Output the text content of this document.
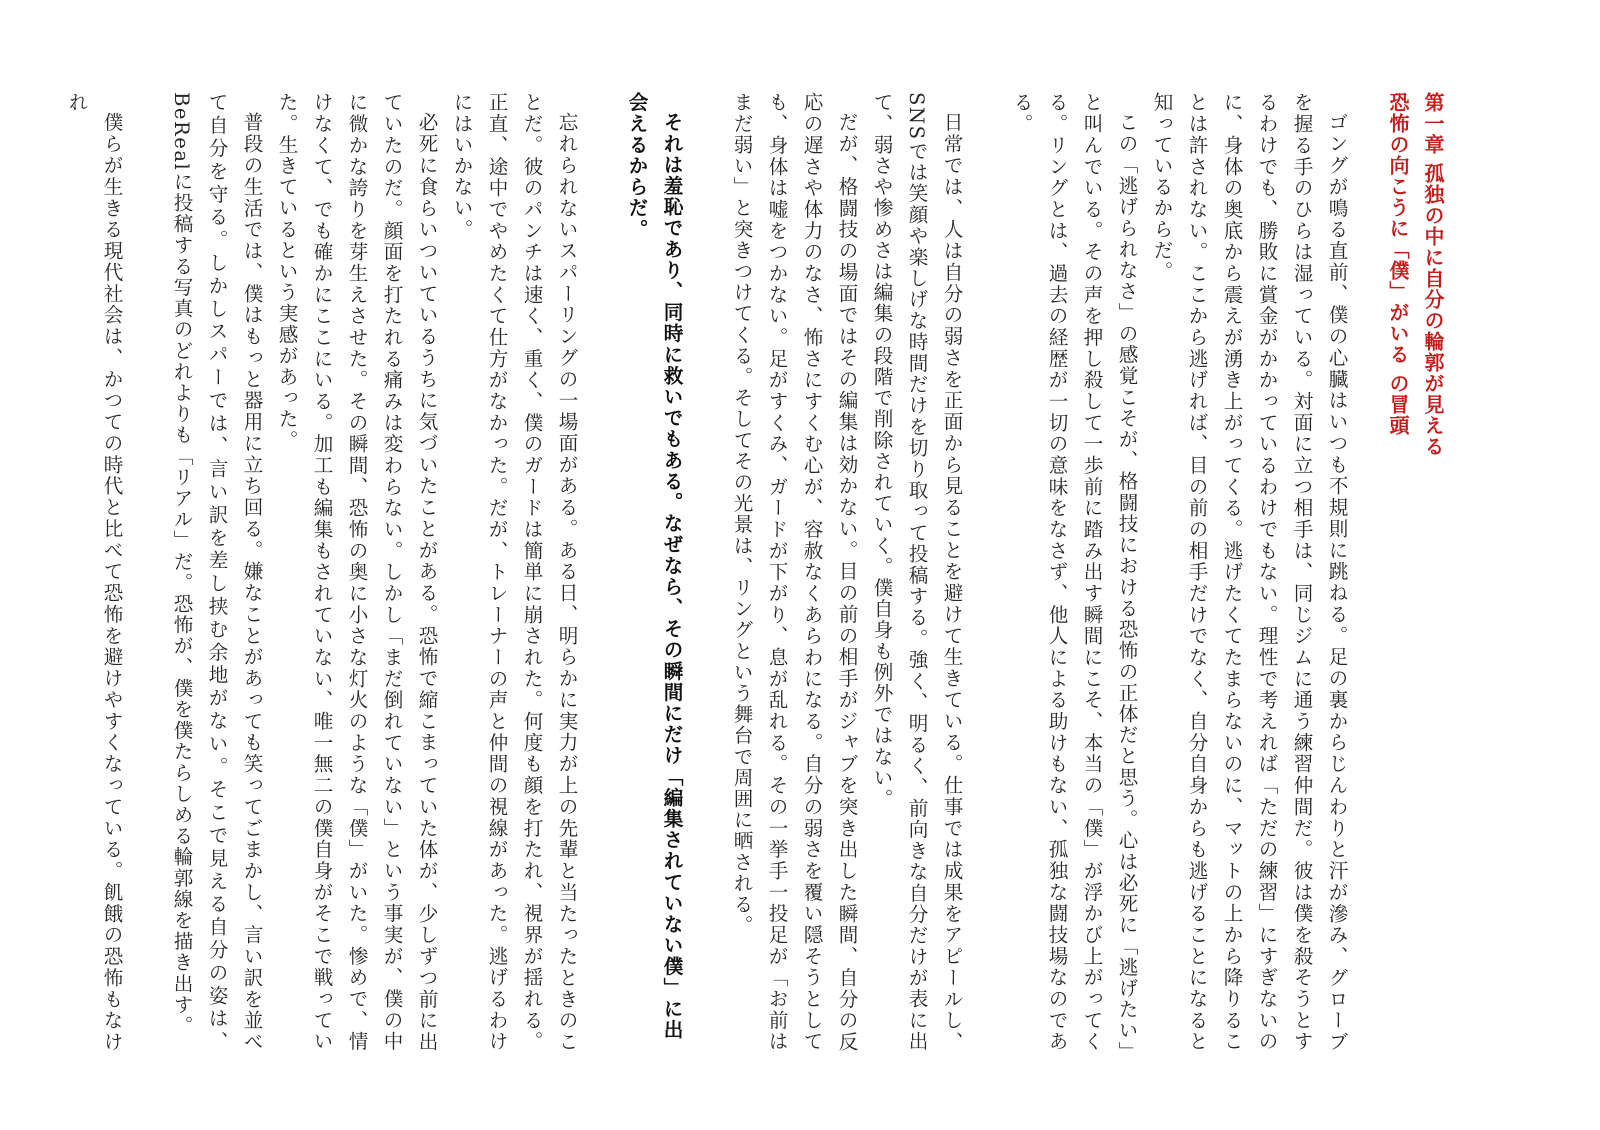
第一章 孤独の中に自分の輪郭が見える

恐怖の向こうに「僕」がいる の冒頭

ゴングが鳴る直前、僕の心臓はいつも不規則に跳ねる。足の裏からじんわりと汗が滲み、グローブを握る手のひらは湿っている。対面に立つ相手は、同じジムに通う練習仲間だ。彼は僕を殺そうとするわけでも、勝敗に賞金がかかっているわけでもない。理性で考えれば「ただの練習」にすぎないのに、身体の奥底から震えが湧き上がってくる。逃げたくてたまらないのに、マットの上から降りることは許されない。ここから逃げれば、目の前の相手だけでなく、自分自身からも逃げることになると知っているからだ。

この「逃げられなさ」の感覚こそが、格闘技における恐怖の正体だと思う。心は必死に「逃げたい」と叫んでいる。その声を押し殺して一歩前に踏み出す瞬間にこそ、本当の「僕」が浮かび上がってくる。リングとは、過去の経歴が一切の意味をなさず、他人による助けもない、孤独な闘技場なのである。

日常では、人は自分の弱さを正面から見ることを避けて生きている。仕事では成果をアピールし、SNSでは笑顔や楽しげな時間だけを切り取って投稿する。強く、明るく、前向きな自分だけが表に出て、弱さや惨めさは編集の段階で削除されていく。僕自身も例外ではない。

だが、格闘技の場面ではその編集は効かない。目の前の相手がジャブを突き出した瞬間、自分の反応の遅さや体力のなさ、怖さにすくむ心が、容赦なくあらわになる。自分の弱さを覆い隠そうとしても、身体は嘘をつかない。足がすくみ、ガードが下がり、息が乱れる。その一挙手一投足が「お前はまだ弱い」と突きつけてくる。そしてその光景は、リングという舞台で周囲に晒される。

それは羞恥であり、同時に救いでもある。なぜなら、その瞬間にだけ「編集されていない僕」に出会えるからだ。

忘れられないスパーリングの一場面がある。ある日、明らかに実力が上の先輩と当たったときのことだ。彼のパンチは速く、重く、僕のガードは簡単に崩された。何度も顔を打たれ、視界が揺れる。正直、途中でやめたくて仕方がなかった。だが、トレーナーの声と仲間の視線があった。逃げるわけにはいかない。

必死に食らいついているうちに気づいたことがある。恐怖で縮こまっていた体が、少しずつ前に出ていたのだ。顔面を打たれる痛みは変わらない。しかし「まだ倒れていない」という事実が、僕の中に微かな誇りを芽生えさせた。その瞬間、恐怖の奥に小さな灯火のような「僕」がいた。惨めで、情けなくて、でも確かにここにいる。加工も編集もされていない、唯一無二の僕自身がそこで戦っていた。生きているという実感があった。

普段の生活では、僕はもっと器用に立ち回る。嫌なことがあっても笑ってごまかし、言い訳を並べて自分を守る。しかしスパーでは、言い訳を差し挟む余地がない。そこで見える自分の姿は、BeRealに投稿する写真のどれよりも「リアル」だ。恐怖が、僕を僕たらしめる輪郭線を描き出す。

僕らが生きる現代社会は、かつての時代と比べて恐怖を避けやすくなっている。飢餓の恐怖もなけれ
